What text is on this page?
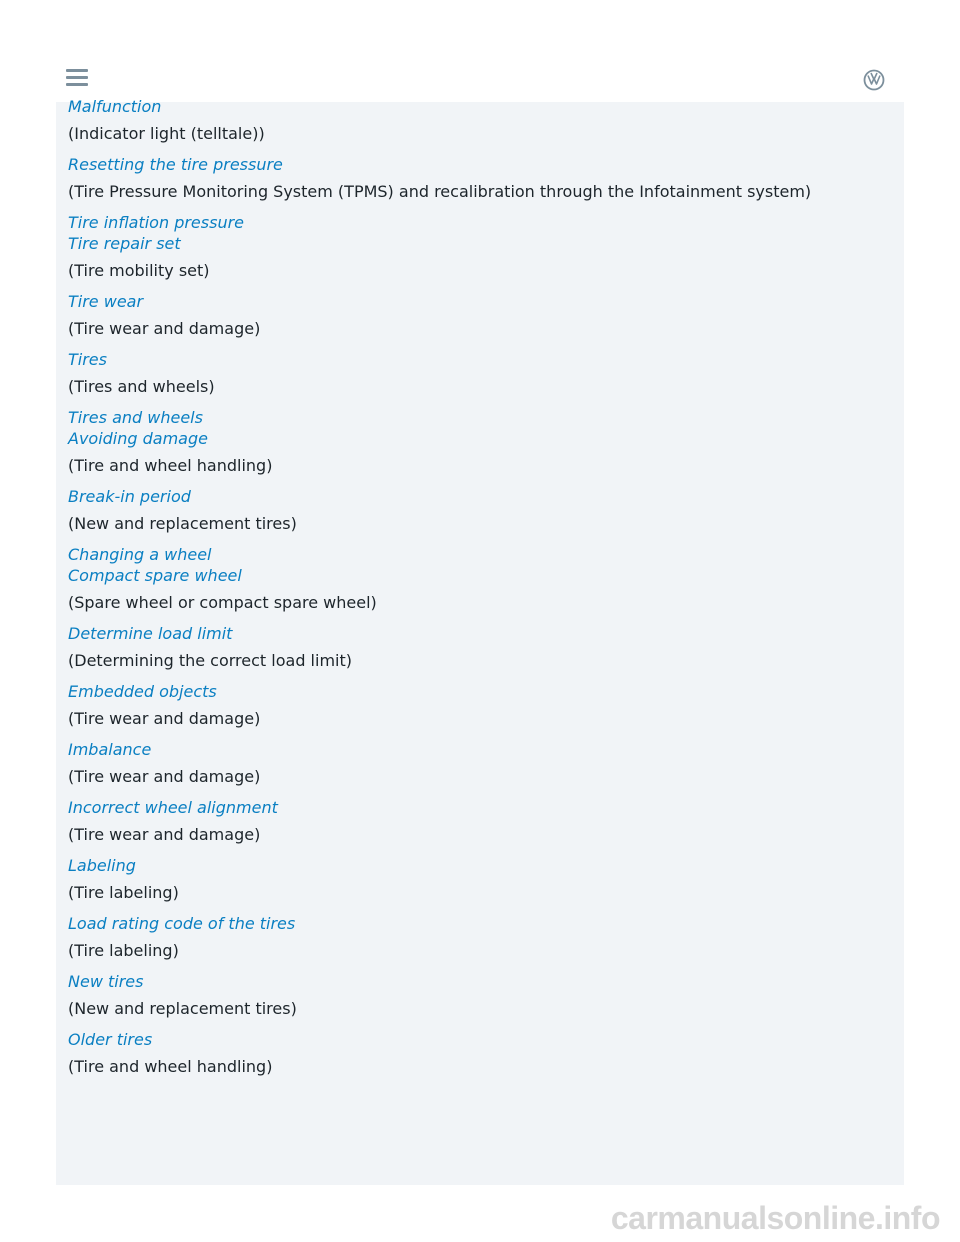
Malfunction
(Indicator light (telltale))
Resetting the tire pressure
(Tire Pressure Monitoring System (TPMS) and recalibration through the Infotainment system)
Tire inflation pressure
Tire repair set
(Tire mobility set)
Tire wear
(Tire wear and damage)
Tires
(Tires and wheels)
Tires and wheels
Avoiding damage
(Tire and wheel handling)
Break-in period
(New and replacement tires)
Changing a wheel
Compact spare wheel
(Spare wheel or compact spare wheel)
Determine load limit
(Determining the correct load limit)
Embedded objects
(Tire wear and damage)
Imbalance
(Tire wear and damage)
Incorrect wheel alignment
(Tire wear and damage)
Labeling
(Tire labeling)
Load rating code of the tires
(Tire labeling)
New tires
(New and replacement tires)
Older tires
(Tire and wheel handling)
carmanualsonline.info
